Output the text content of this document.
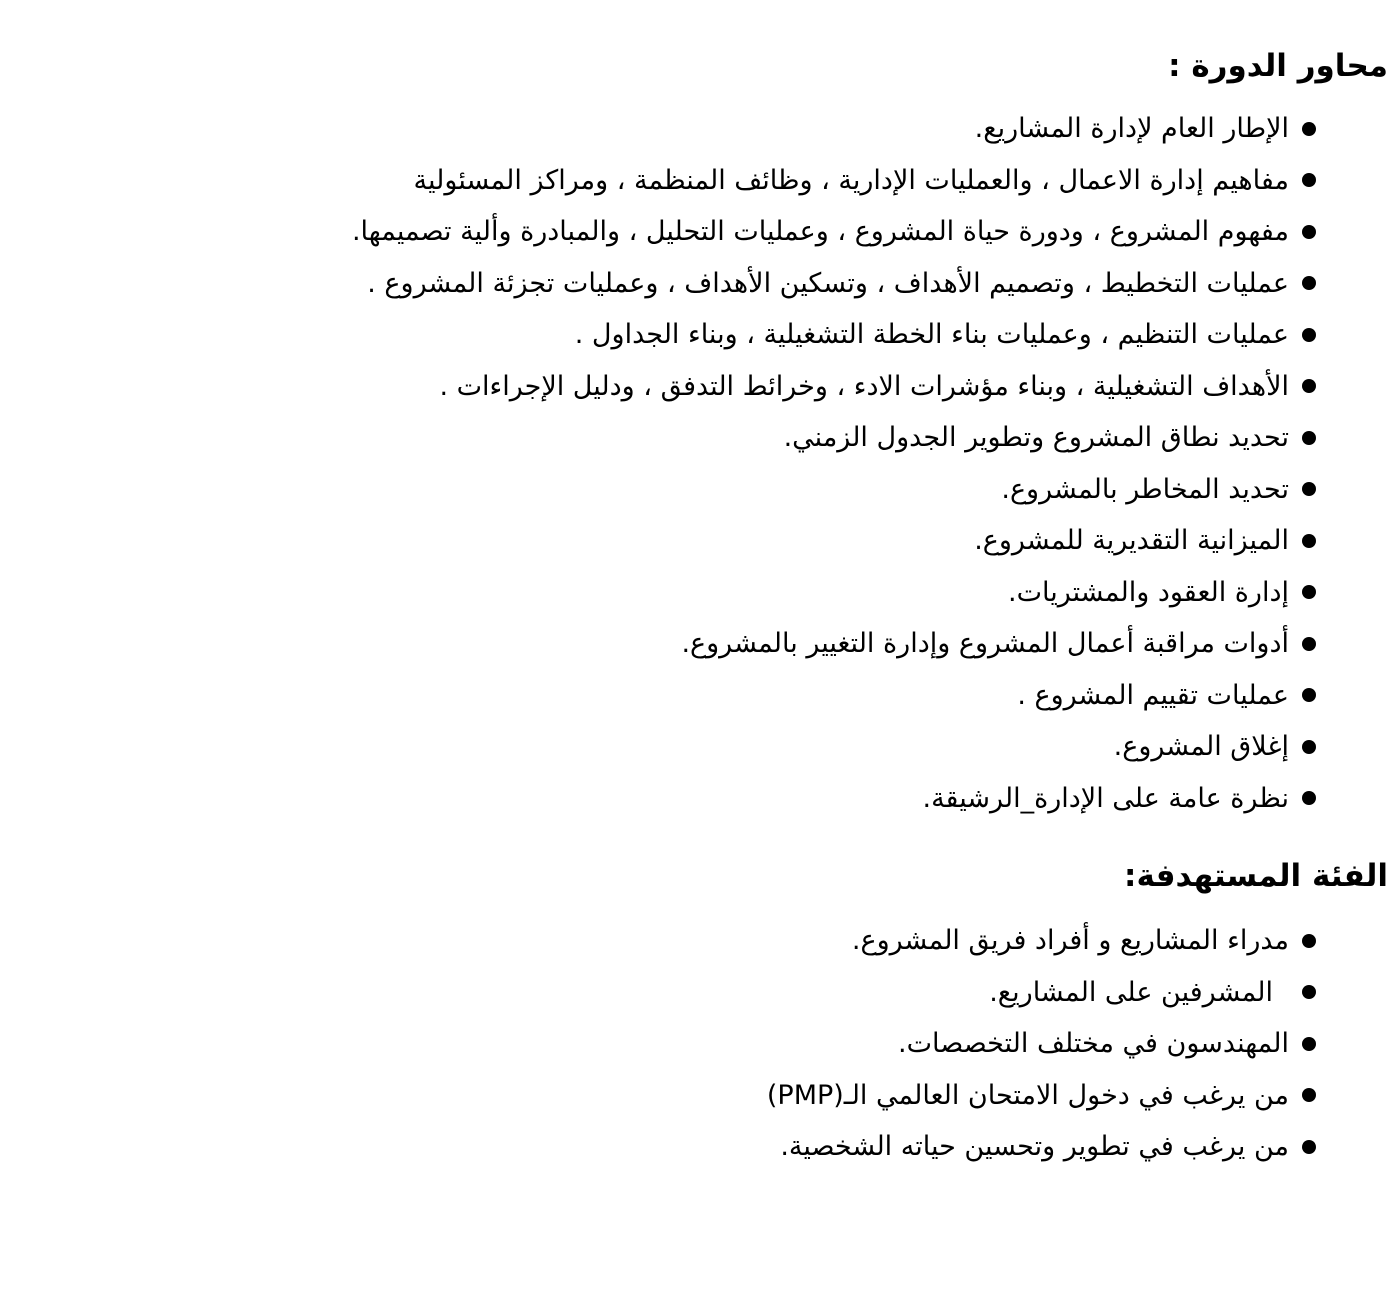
محاور الدورة :
الإطار العام لإدارة المشاريع.
مفاهيم إدارة الاعمال ، والعمليات الإدارية ، وظائف المنظمة ، ومراكز المسئولية
مفهوم المشروع ، ودورة حياة المشروع ، وعمليات التحليل ، والمبادرة وألية تصميمها.
عمليات التخطيط ، وتصميم الأهداف ، وتسكين الأهداف ، وعمليات تجزئة المشروع .
عمليات التنظيم ، وعمليات بناء الخطة التشغيلية ، وبناء الجداول .
الأهداف التشغيلية ، وبناء مؤشرات الادء ، وخرائط التدفق ، ودليل الإجراءات .
تحديد نطاق المشروع وتطوير الجدول الزمني.
تحديد المخاطر بالمشروع.
الميزانية التقديرية للمشروع.
إدارة العقود والمشتريات.
أدوات مراقبة أعمال المشروع وإدارة التغيير بالمشروع.
عمليات تقييم المشروع .
إغلاق المشروع.
نظرة عامة على الإدارة_الرشيقة.
الفئة المستهدفة:
مدراء المشاريع و أفراد فريق المشروع.
المشرفين على المشاريع.
المهندسون في مختلف التخصصات.
من يرغب في دخول الامتحان العالمي الـ(PMP)
من يرغب في تطوير وتحسين حياته الشخصية.
